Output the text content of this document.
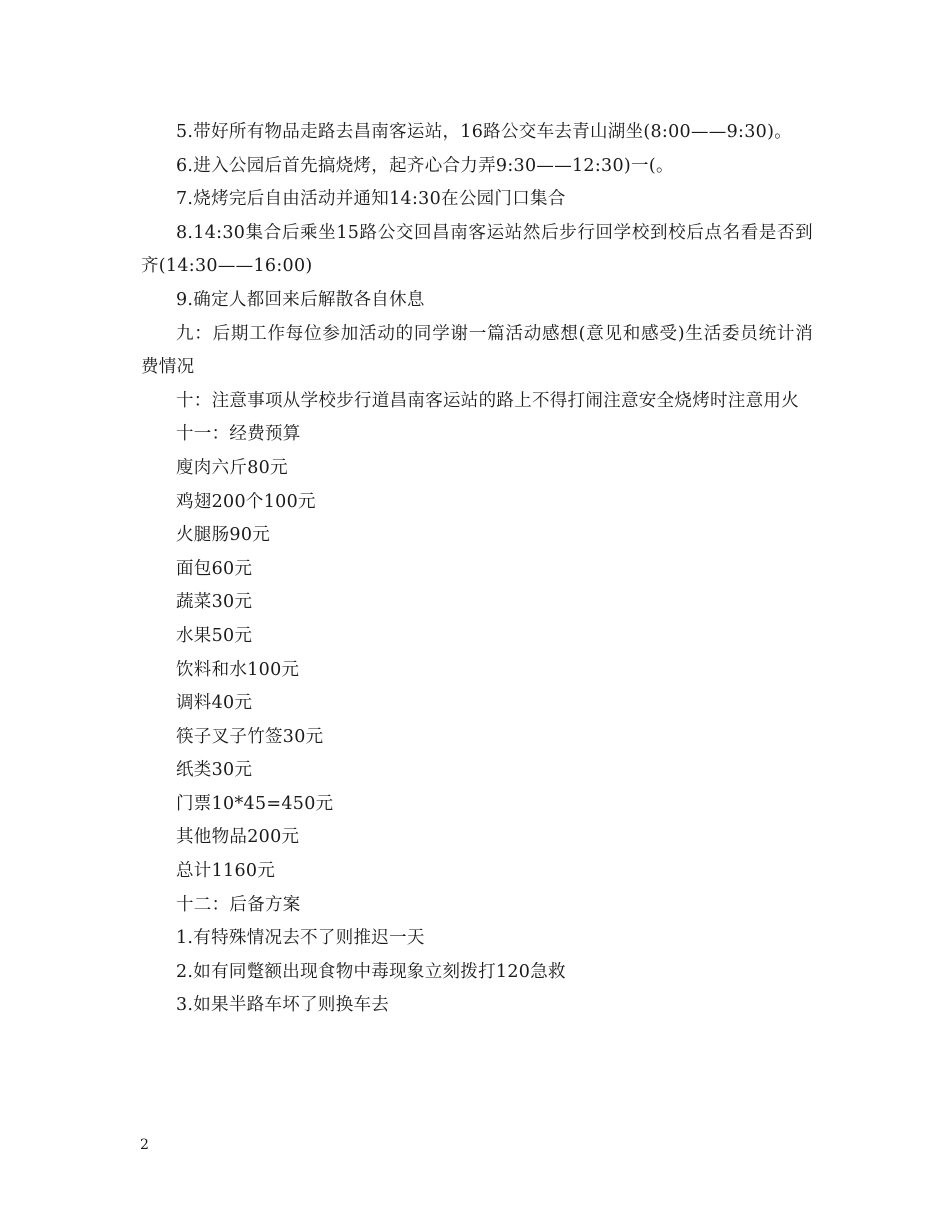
5.带好所有物品走路去昌南客运站，16路公交车去青山湖坐(8:00——9:30)。

6.进入公园后首先搞烧烤，起齐心合力弄9:30——12:30)一(。

7.烧烤完后自由活动并通知14:30在公园门口集合

8.14:30集合后乘坐15路公交回昌南客运站然后步行回学校到校后点名看是否到齐(14:30——16:00)

9.确定人都回来后解散各自休息

九：后期工作每位参加活动的同学谢一篇活动感想(意见和感受)生活委员统计消费情况

十：注意事项从学校步行道昌南客运站的路上不得打闹注意安全烧烤时注意用火

十一：经费预算

廋肉六斤80元

鸡翅200个100元

火腿肠90元

面包60元

蔬菜30元

水果50元

饮料和水100元

调料40元

筷子叉子竹签30元

纸类30元

门票10*45=450元

其他物品200元

总计1160元

十二：后备方案

1.有特殊情况去不了则推迟一天

2.如有同蹩额出现食物中毒现象立刻拨打120急救

3.如果半路车坏了则换车去

2
